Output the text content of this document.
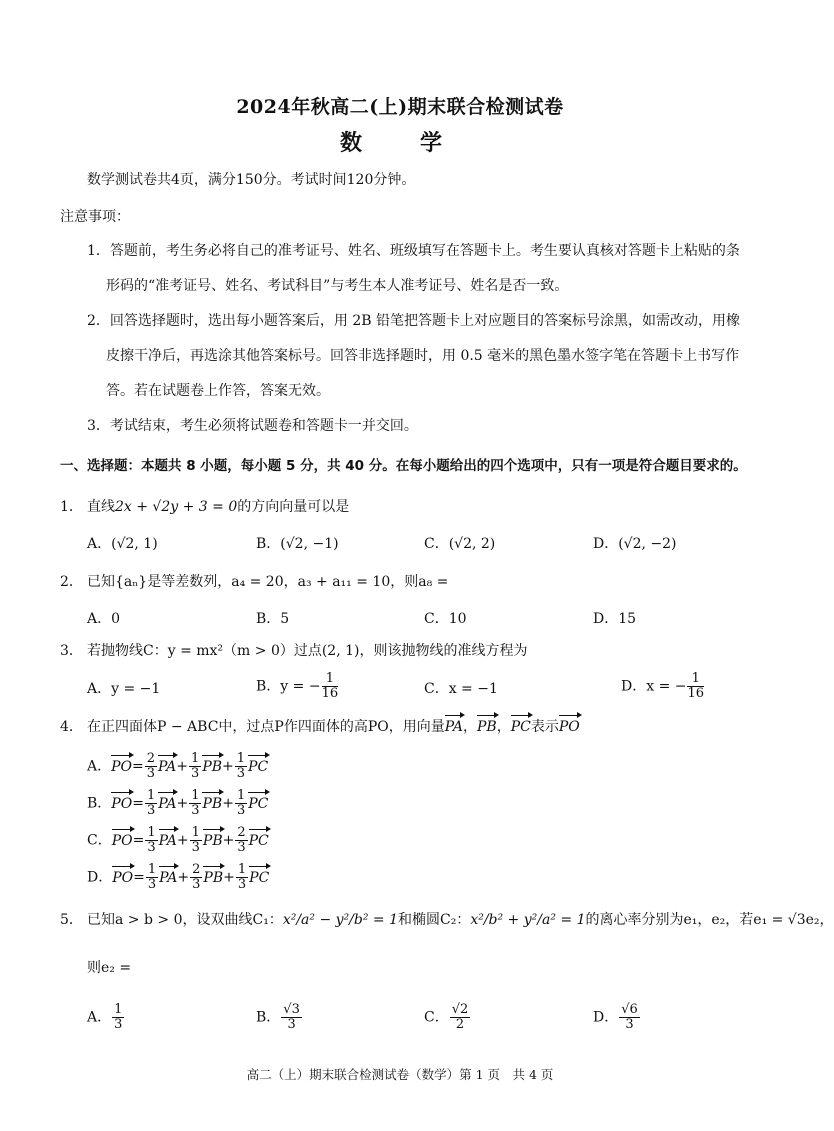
2024年秋高二(上)期末联合检测试卷
数　学
数学测试卷共4页，满分150分。考试时间120分钟。
注意事项：
1．答题前，考生务必将自己的准考证号、姓名、班级填写在答题卡上。考生要认真核对答题卡上粘贴的条
形码的“准考证号、姓名、考试科目”与考生本人准考证号、姓名是否一致。
2．回答选择题时，选出每小题答案后，用 2B 铅笔把答题卡上对应题目的答案标号涂黑，如需改动，用橡
皮擦干净后，再选涂其他答案标号。回答非选择题时，用 0.5 毫米的黑色墨水签字笔在答题卡上书写作
答。若在试题卷上作答，答案无效。
3．考试结束，考生必须将试题卷和答题卡一并交回。
一、选择题：本题共 8 小题，每小题 5 分，共 40 分。在每小题给出的四个选项中，只有一项是符合题目要求的。
1． 直线2x + √2y + 3 = 0的方向向量可以是
A．(√2, 1)	B．(√2, −1)	C．(√2, 2)	D．(√2, −2)
2． 已知{aₙ}是等差数列，a₄ = 20，a₃ + a₁₁ = 10，则a₈ =
A．0	B．5	C．10	D．15
3． 若抛物线C：y = mx²（m > 0）过点(2, 1)，则该抛物线的准线方程为
A．y = −1	B．y = − $\frac{1}{16}$	C．x = −1	D．x = − $\frac{1}{16}$
4． 在正四面体P − ABC中，过点P作四面体的高PO，用向量PA，PB，PC表示PO
A．$PO= \frac{2}{3} PA+ \frac{1}{3} PB+ \frac{1}{3}$ PC
B．$PO= \frac{1}{3} PA+ \frac{1}{3} PB+ \frac{1}{3}$ PC
C．$PO= \frac{1}{3} PA+ \frac{1}{3} PB+ \frac{2}{3}$ PC
D．$PO= \frac{1}{3} PA+ \frac{2}{3} PB+ \frac{1}{3}$ PC
5． 已知a > b > 0，设双曲线C₁：x²/a² − y²/b² = 1和椭圆C₂：x²/b² + y²/a² = 1的离心率分别为e₁，e₂，若e₁ = √3e₂，
则e₂ =
A． $\frac{1}{3}$	B． $\frac{√3}{3}$	C． $\frac{√2}{2}$	D． $\frac{√6}{3}$
高二（上）期末联合检测试卷（数学）第 1 页　共 4 页
